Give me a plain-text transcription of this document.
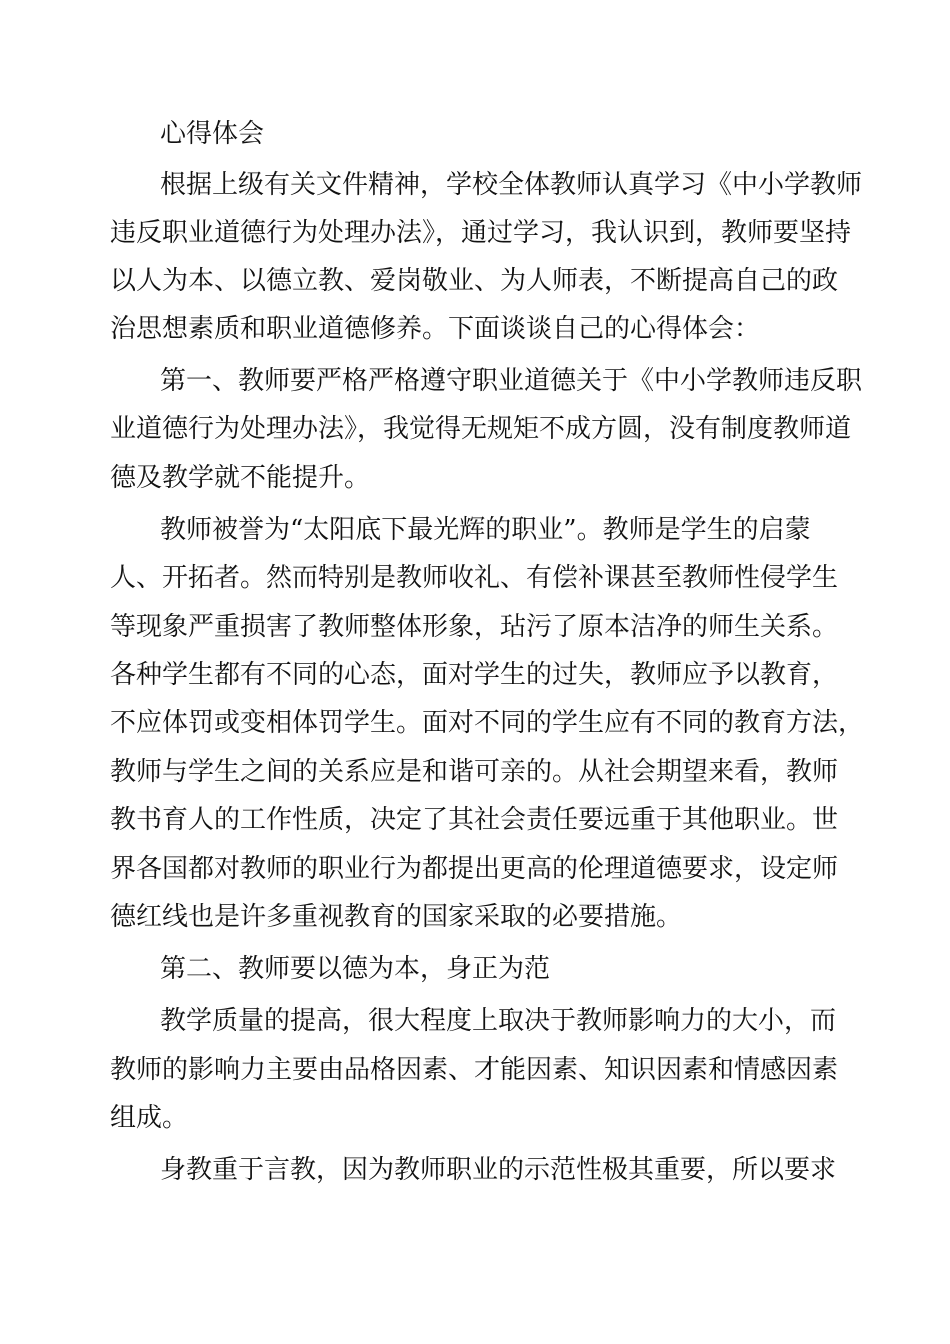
心得体会
根据上级有关文件精神，学校全体教师认真学习《中小学教师
违反职业道德行为处理办法》，通过学习，我认识到，教师要坚持
以人为本、以德立教、爱岗敬业、为人师表，不断提高自己的政
治思想素质和职业道德修养。下面谈谈自己的心得体会：
第一、教师要严格严格遵守职业道德关于《中小学教师违反职
业道德行为处理办法》，我觉得无规矩不成方圆，没有制度教师道
德及教学就不能提升。
教师被誉为“太阳底下最光辉的职业”。教师是学生的启蒙
人、开拓者。然而特别是教师收礼、有偿补课甚至教师性侵学生
等现象严重损害了教师整体形象，玷污了原本洁净的师生关系。
各种学生都有不同的心态，面对学生的过失，教师应予以教育，
不应体罚或变相体罚学生。面对不同的学生应有不同的教育方法，
教师与学生之间的关系应是和谐可亲的。从社会期望来看，教师
教书育人的工作性质，决定了其社会责任要远重于其他职业。世
界各国都对教师的职业行为都提出更高的伦理道德要求，设定师
德红线也是许多重视教育的国家采取的必要措施。
第二、教师要以德为本，身正为范
教学质量的提高，很大程度上取决于教师影响力的大小，而
教师的影响力主要由品格因素、才能因素、知识因素和情感因素
组成。
身教重于言教，因为教师职业的示范性极其重要，所以要求
